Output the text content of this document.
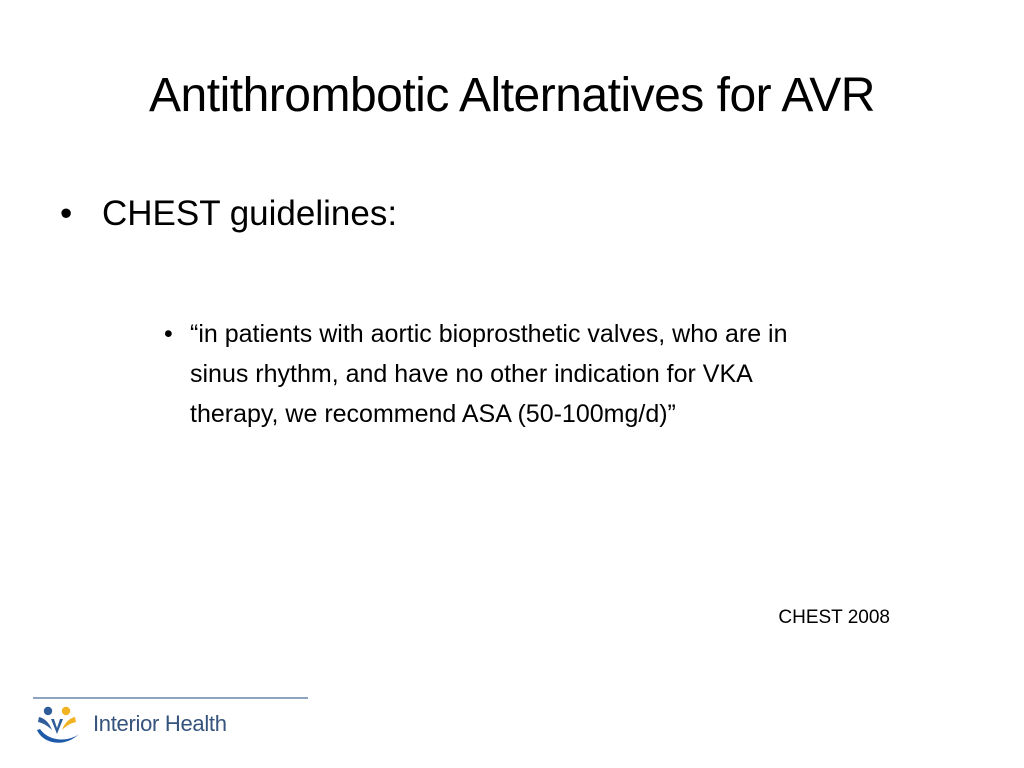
Antithrombotic Alternatives for AVR
• CHEST guidelines:
• “in patients with aortic bioprosthetic valves, who are in
sinus rhythm, and have no other indication for VKA
therapy, we recommend ASA (50-100mg/d)”
CHEST 2008
Interior Health
